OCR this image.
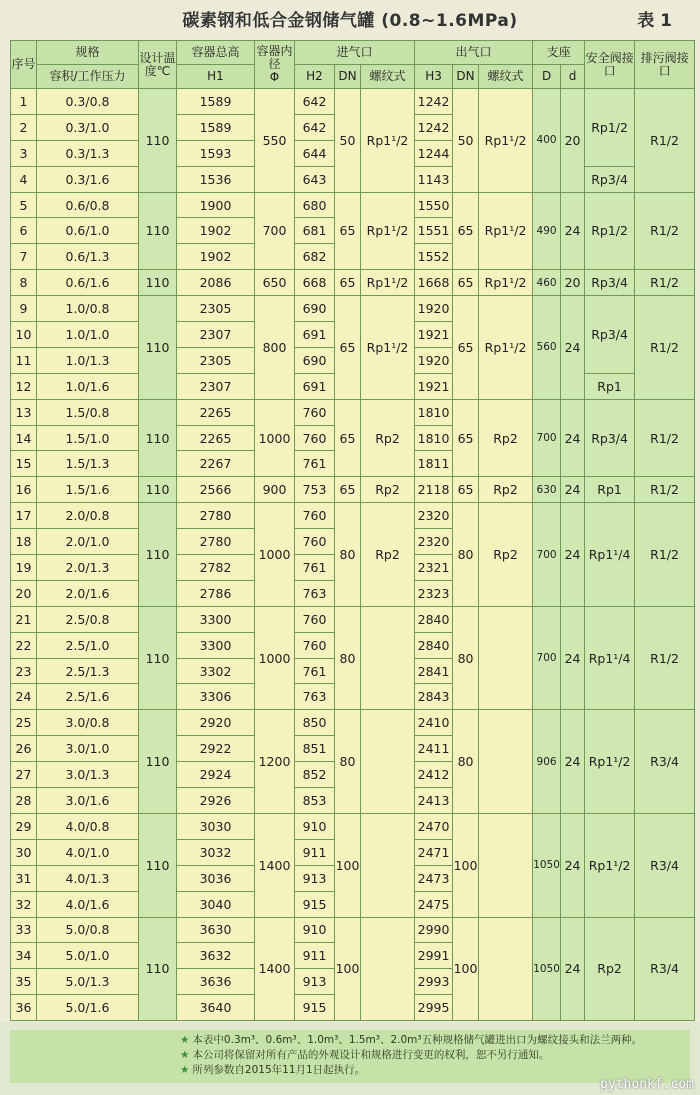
碳素钢和低合金钢储气罐 (0.8~1.6MPa)	表 1
序号	规格	设计温度℃	容器总高	容器内径
Φ	进气口			出气口			支座		安全阀接口	排污阀接口
	容积/工作压力		H1		H2	DN	螺纹式	H3	DN	螺纹式	D	d		
1	0.3/0.8	110	1589	550	642	50	Rp1¹/2	1242	50	Rp1¹/2	400	20	Rp1/2	R1/2
2	0.3/1.0		1589		642			1242						
3	0.3/1.3		1593		644			1244						
4	0.3/1.6		1536		643			1143					Rp3/4	
5	0.6/0.8	110	1900	700	680	65	Rp1¹/2	1550	65	Rp1¹/2	490	24	Rp1/2	R1/2
6	0.6/1.0		1902		681			1551						
7	0.6/1.3		1902		682			1552						
8	0.6/1.6	110	2086	650	668	65	Rp1¹/2	1668	65	Rp1¹/2	460	20	Rp3/4	R1/2
9	1.0/0.8	110	2305	800	690	65	Rp1¹/2	1920	65	Rp1¹/2	560	24	Rp3/4	R1/2
10	1.0/1.0		2307		691			1921						
11	1.0/1.3		2305		690			1920						
12	1.0/1.6		2307		691			1921					Rp1	
13	1.5/0.8	110	2265	1000	760	65	Rp2	1810	65	Rp2	700	24	Rp3/4	R1/2
14	1.5/1.0		2265		760			1810						
15	1.5/1.3		2267		761			1811						
16	1.5/1.6	110	2566	900	753	65	Rp2	2118	65	Rp2	630	24	Rp1	R1/2
17	2.0/0.8	110	2780	1000	760	80	Rp2	2320	80	Rp2	700	24	Rp1¹/4	R1/2
18	2.0/1.0		2780		760			2320						
19	2.0/1.3		2782		761			2321						
20	2.0/1.6		2786		763			2323						
21	2.5/0.8	110	3300	1000	760	80		2840	80		700	24	Rp1¹/4	R1/2
22	2.5/1.0		3300		760			2840						
23	2.5/1.3		3302		761			2841						
24	2.5/1.6		3306		763			2843						
25	3.0/0.8	110	2920	1200	850	80		2410	80		906	24	Rp1¹/2	R3/4
26	3.0/1.0		2922		851			2411						
27	3.0/1.3		2924		852			2412						
28	3.0/1.6		2926		853			2413						
29	4.0/0.8	110	3030	1400	910	100		2470	100		1050	24	Rp1¹/2	R3/4
30	4.0/1.0		3032		911			2471						
31	4.0/1.3		3036		913			2473						
32	4.0/1.6		3040		915			2475						
33	5.0/0.8	110	3630	1400	910	100		2990	100		1050	24	Rp2	R3/4
34	5.0/1.0		3632		911			2991						
35	5.0/1.3		3636		913			2993						
36	5.0/1.6		3640		915			2995						
★ 本表中0.3m³、0.6m³、1.0m³、1.5m³、2.0m³五种规格储气罐进出口为螺纹接头和法兰两种。
★ 本公司将保留对所有产品的外观设计和规格进行变更的权利，恕不另行通知。
★ 所列参数自2015年11月1日起执行。
pythonkf.com
